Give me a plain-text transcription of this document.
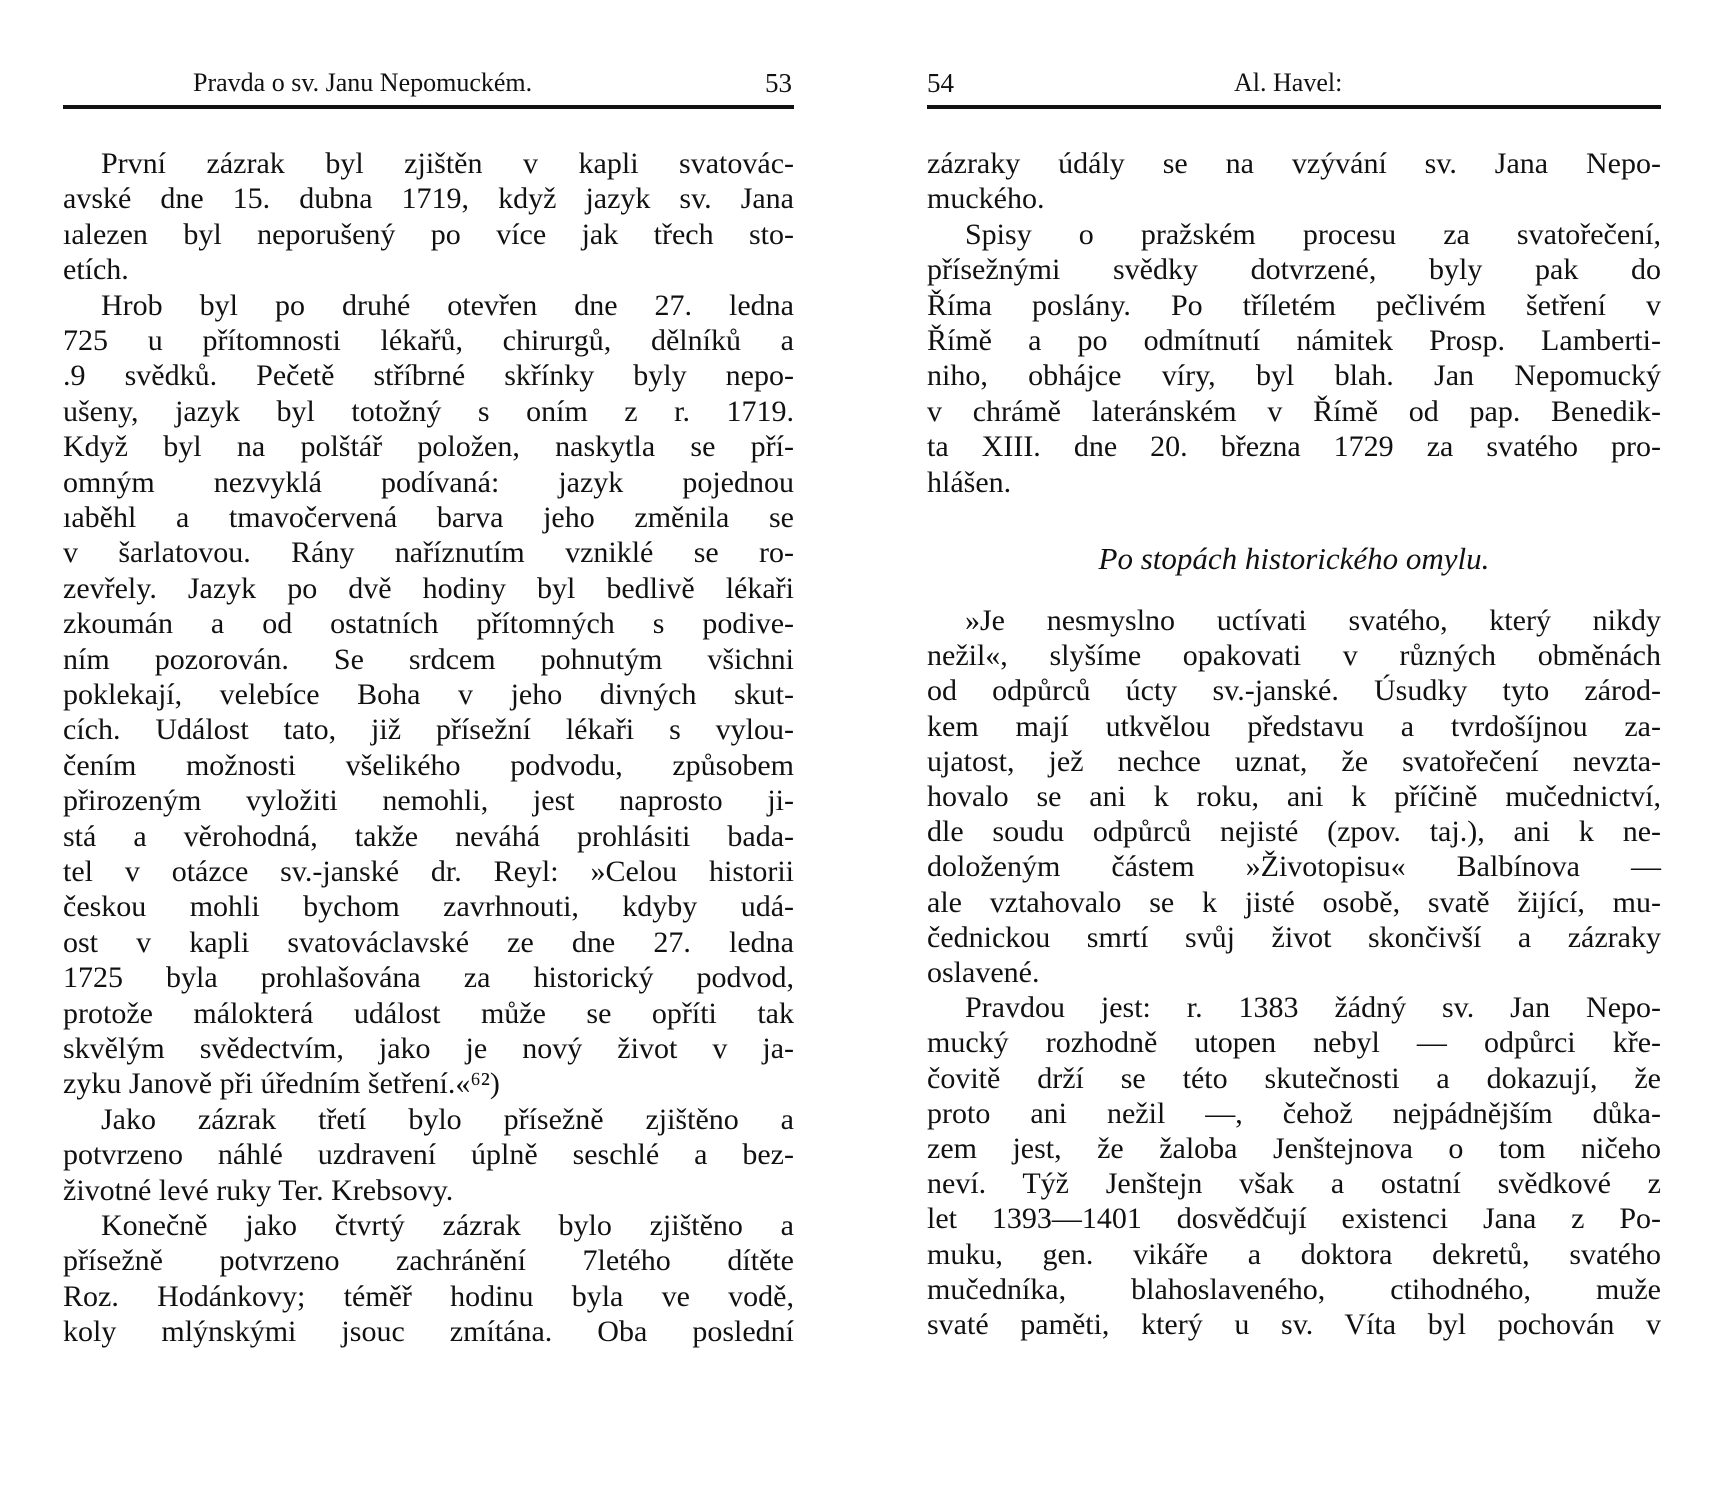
Pravda o sv. Janu Nepomuckém.	53
První zázrak byl zjištěn v kapli svatovác-
avské dne 15. dubna 1719, když jazyk sv. Jana
ıalezen byl neporušený po více jak třech sto-
etích.
Hrob byl po druhé otevřen dne 27. ledna
725 u přítomnosti lékařů, chirurgů, dělníků a
.9 svědků. Pečetě stříbrné skřínky byly nepo-
ušeny, jazyk byl totožný s oním z r. 1719.
Když byl na polštář položen, naskytla se pří-
omným nezvyklá podívaná: jazyk pojednou
ıaběhl a tmavočervená barva jeho změnila se
v šarlatovou. Rány naříznutím vzniklé se ro-
zevřely. Jazyk po dvě hodiny byl bedlivě lékaři
zkoumán a od ostatních přítomných s podive-
ním pozorován. Se srdcem pohnutým všichni
poklekají, velebíce Boha v jeho divných skut-
cích. Událost tato, již přísežní lékaři s vylou-
čením možnosti všelikého podvodu, způsobem
přirozeným vyložiti nemohli, jest naprosto ji-
stá a věrohodná, takže neváhá prohlásiti bada-
tel v otázce sv.-janské dr. Reyl: »Celou historii
českou mohli bychom zavrhnouti, kdyby udá-
ost v kapli svatováclavské ze dne 27. ledna
1725 byla prohlašována za historický podvod,
protože málokterá událost může se opříti tak
skvělým svědectvím, jako je nový život v ja-
zyku Janově při úředním šetření.«⁶²)
Jako zázrak třetí bylo přísežně zjištěno a
potvrzeno náhlé uzdravení úplně seschlé a bez-
životné levé ruky Ter. Krebsovy.
Konečně jako čtvrtý zázrak bylo zjištěno a
přísežně potvrzeno zachránění 7letého dítěte
Roz. Hodánkovy; téměř hodinu byla ve vodě,
koly mlýnskými jsouc zmítána. Oba poslední
54	Al. Havel:
zázraky údály se na vzývání sv. Jana Nepo-
muckého.
Spisy o pražském procesu za svatořečení,
přísežnými svědky dotvrzené, byly pak do
Říma poslány. Po tříletém pečlivém šetření v
Římě a po odmítnutí námitek Prosp. Lamberti-
niho, obhájce víry, byl blah. Jan Nepomucký
v chrámě lateránském v Římě od pap. Benedik-
ta XIII. dne 20. března 1729 za svatého pro-
hlášen.
»Je nesmyslno uctívati svatého, který nikdy
nežil«, slyšíme opakovati v různých obměnách
od odpůrců úcty sv.-janské. Úsudky tyto zárod-
kem mají utkvělou představu a tvrdošíjnou za-
ujatost, jež nechce uznat, že svatořečení nevzta-
hovalo se ani k roku, ani k příčině mučednictví,
dle soudu odpůrců nejisté (zpov. taj.), ani k ne-
doloženým částem »Životopisu« Balbínova —
ale vztahovalo se k jisté osobě, svatě žijící, mu-
čednickou smrtí svůj život skončivší a zázraky
oslavené.
Pravdou jest: r. 1383 žádný sv. Jan Nepo-
mucký rozhodně utopen nebyl — odpůrci kře-
čovitě drží se této skutečnosti a dokazují, že
proto ani nežil —, čehož nejpádnějším důka-
zem jest, že žaloba Jenštejnova o tom ničeho
neví. Týž Jenštejn však a ostatní svědkové z
let 1393—1401 dosvědčují existenci Jana z Po-
muku, gen. vikáře a doktora dekretů, svatého
mučedníka, blahoslaveného, ctihodného, muže
svaté paměti, který u sv. Víta byl pochován v
Po stopách historického omylu.
